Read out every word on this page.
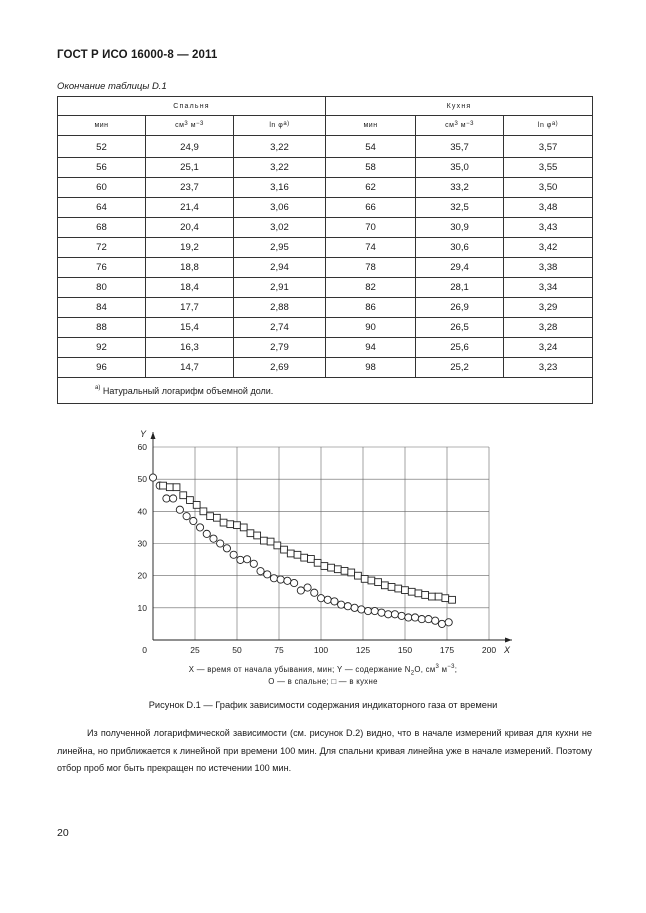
ГОСТ Р ИСО 16000-8 — 2011
Окончание таблицы D.1
Спальня			Кухня		
мин	$см^3$ $м^{-3}$	$\ln \varphi^{а)}$	мин	$см^3$ $м^{-3}$	$\ln \varphi^{а)}$

52	24,9	3,22	54	35,7	3,57
56	25,1	3,22	58	35,0	3,55
60	23,7	3,16	62	33,2	3,50
64	21,4	3,06	66	32,5	3,48
68	20,4	3,02	70	30,9	3,43
72	19,2	2,95	74	30,6	3,42
76	18,8	2,94	78	29,4	3,38
80	18,4	2,91	82	28,1	3,34
84	17,7	2,88	86	26,9	3,29
88	15,4	2,74	90	26,5	3,28
92	16,3	2,79	94	25,6	3,24
96	14,7	2,69	98	25,2	3,23
$^{а)}$ Натуральный логарифм объемной доли.					
25	50	75	100	125	150	175	200
10
20
30
40
50
60
0	X
Y
X — время от начала убывания, мин; Y — содержание $N_2O$, $см^3$ $м^{-3}$;
О — в спальне; □ — в кухне
Рисунок D.1 — График зависимости содержания индикаторного газа от времени
Из полученной логарифмической зависимости (см. рисунок D.2) видно, что в начале измерений кривая для кухни не линейна, но приближается к линейной при времени 100 мин. Для спальни кривая линейна уже в начале измерений. Поэтому отбор проб мог быть прекращен по истечении 100 мин.
20
